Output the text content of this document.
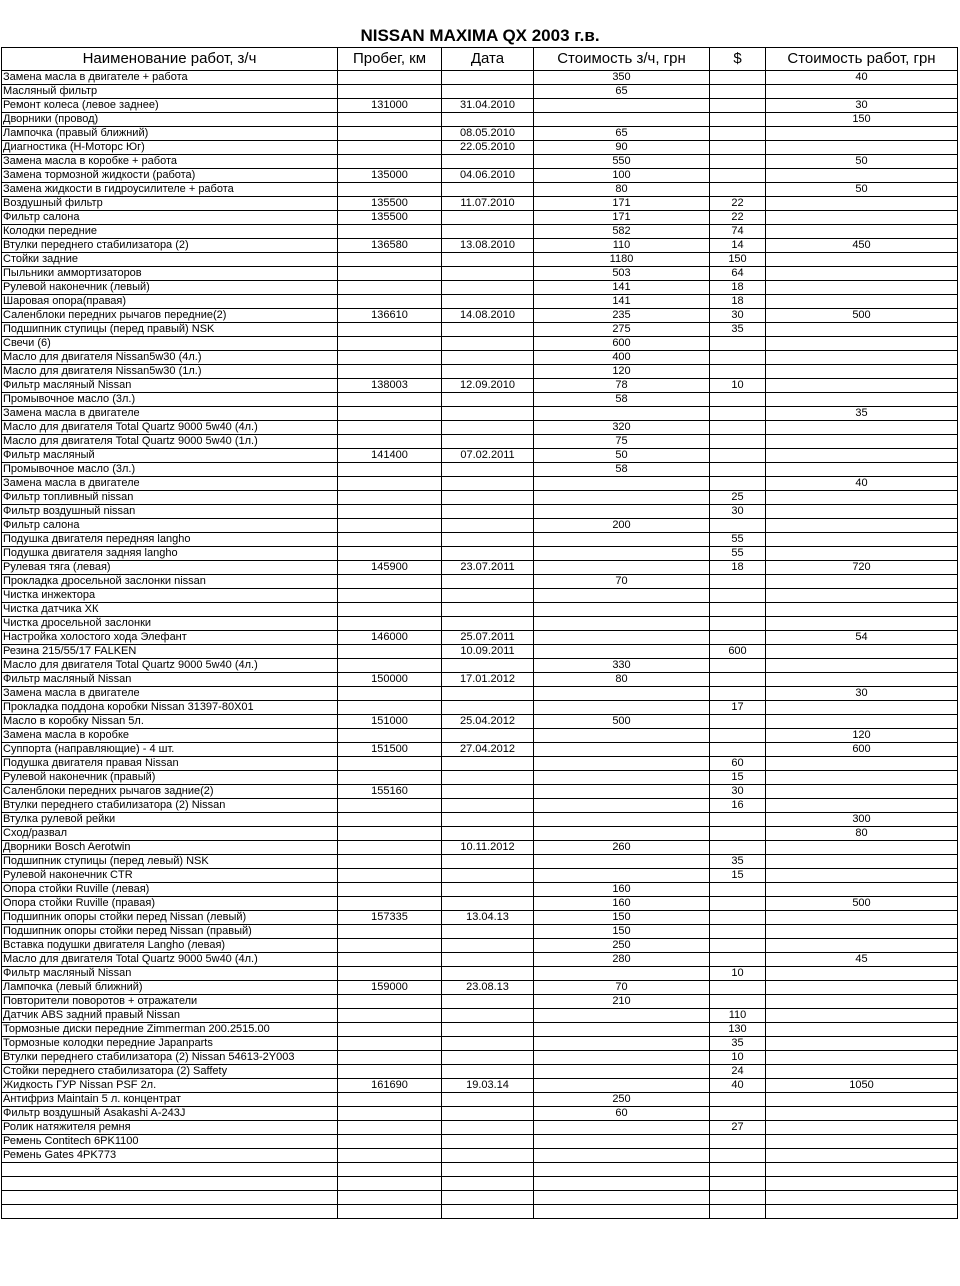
NISSAN MAXIMA QX 2003 г.в.
Наименование работ, з/ч	Пробег, км	Дата	Стоимость з/ч, грн	$	Стоимость работ, грн
Замена масла в двигателе + работа			350		40
Масляный фильтр			65		
Ремонт колеса (левое заднее)	131000	31.04.2010			30
Дворники (провод)					150
Лампочка (правый ближний)		08.05.2010	65		
Диагностика (Н-Моторс Юг)		22.05.2010	90		
Замена масла в коробке + работа			550		50
Замена тормозной жидкости (работа)	135000	04.06.2010	100		
Замена жидкости в гидроусилителе + работа			80		50
Воздушный фильтр	135500	11.07.2010	171	22	
Фильтр салона	135500		171	22	
Колодки передние			582	74	
Втулки переднего стабилизатора (2)	136580	13.08.2010	110	14	450
Стойки задние			1180	150	
Пыльники аммортизаторов			503	64	
Рулевой наконечник (левый)			141	18	
Шаровая опора(правая)			141	18	
Саленблоки передних рычагов передние(2)	136610	14.08.2010	235	30	500
Подшипник ступицы (перед правый) NSK			275	35	
Свечи (6)			600		
Масло для двигателя Nissan5w30 (4л.)			400		
Масло для двигателя Nissan5w30 (1л.)			120		
Фильтр масляный Nissan	138003	12.09.2010	78	10	
Промывочное масло (3л.)			58		
Замена масла в двигателе					35
Масло для двигателя Total Quartz 9000 5w40 (4л.)			320		
Масло для двигателя Total Quartz 9000 5w40 (1л.)			75		
Фильтр масляный	141400	07.02.2011	50		
Промывочное масло (3л.)			58		
Замена масла в двигателе					40
Фильтр топливный nissan				25	
Фильтр воздушный nissan				30	
Фильтр салона			200		
Подушка двигателя передняя langho				55	
Подушка двигателя задняя langho				55	
Рулевая тяга (левая)	145900	23.07.2011		18	720
Прокладка дросельной заслонки nissan			70		
Чистка инжектора					
Чистка датчика ХК					
Чистка дросельной заслонки					
Настройка холостого хода Элефант	146000	25.07.2011			54
Резина 215/55/17 FALKEN		10.09.2011		600	
Масло для двигателя Total Quartz 9000 5w40 (4л.)			330		
Фильтр масляный Nissan	150000	17.01.2012	80		
Замена масла в двигателе					30
Прокладка поддона коробки Nissan 31397-80X01				17	
Масло в коробку Nissan 5л.	151000	25.04.2012	500		
Замена масла в коробке					120
Суппорта (направляющие) - 4 шт.	151500	27.04.2012			600
Подушка двигателя правая Nissan				60	
Рулевой наконечник (правый)				15	
Саленблоки передних рычагов задние(2)	155160			30	
Втулки переднего стабилизатора (2) Nissan				16	
Втулка рулевой рейки					300
Сход/развал					80
Дворники Bosch Aerotwin		10.11.2012	260		
Подшипник ступицы (перед левый) NSK				35	
Рулевой наконечник CTR				15	
Опора стойки Ruville (левая)			160		
Опора стойки Ruville (правая)			160		500
Подшипник опоры стойки перед Nissan (левый)	157335	13.04.13	150		
Подшипник опоры стойки перед Nissan (правый)			150		
Вставка подушки двигателя Langho (левая)			250		
Масло для двигателя Total Quartz 9000 5w40 (4л.)			280		45
Фильтр масляный Nissan				10	
Лампочка (левый ближний)	159000	23.08.13	70		
Повторители поворотов + отражатели			210		
Датчик ABS задний правый Nissan				110	
Тормозные диски передние Zimmerman 200.2515.00				130	
Тормозные колодки передние Japanparts				35	
Втулки переднего стабилизатора (2) Nissan 54613-2Y003				10	
Стойки переднего стабилизатора (2) Saffety				24	
Жидкость ГУР Nissan PSF 2л.	161690	19.03.14		40	1050
Антифриз Maintain 5 л. концентрат			250		
Фильтр воздушный Asakashi A-243J			60		
Ролик натяжителя ремня				27	
Ремень Contitech 6PK1100					
Ремень Gates 4PK773					
